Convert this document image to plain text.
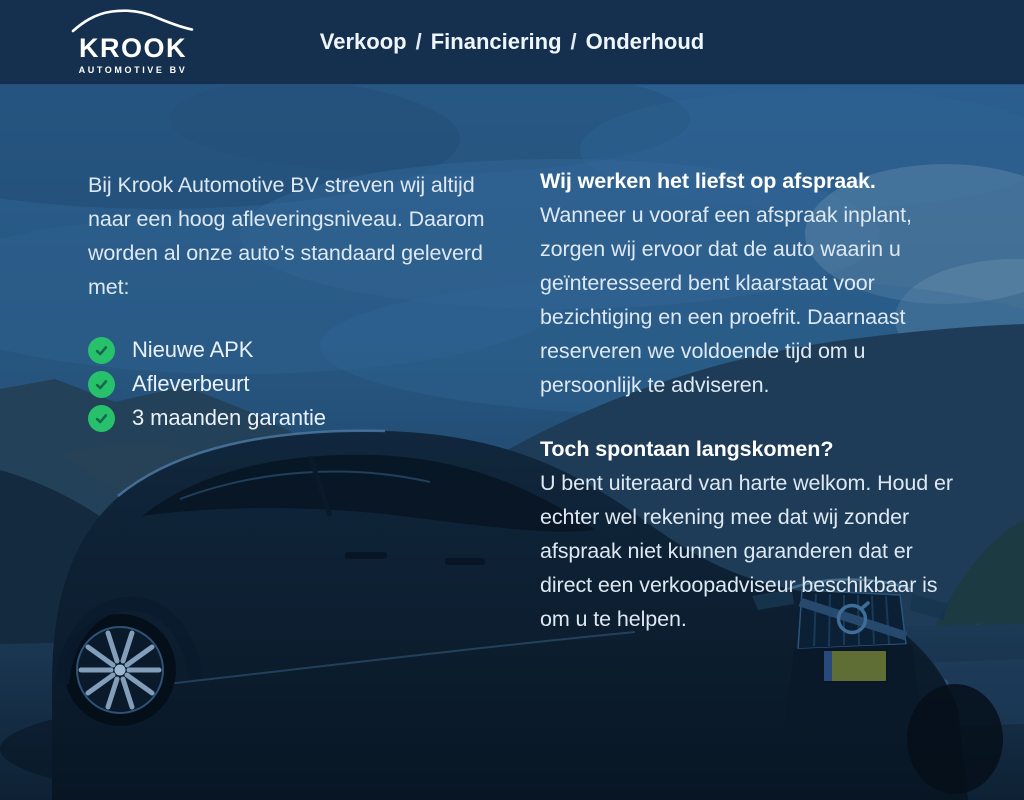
KROOK
AUTOMOTIVE BV
Verkoop / Financiering / Onderhoud

Bij Krook Automotive BV streven wij altijd naar een hoog afleveringsniveau. Daarom worden al onze auto’s standaard geleverd met:

Nieuwe APK
Afleverbeurt
3 maanden garantie
Wij werken het liefst op afspraak.

Wanneer u vooraf een afspraak inplant, zorgen wij ervoor dat de auto waarin u geïnteresseerd bent klaarstaat voor bezichtiging en een proefrit. Daarnaast reserveren we voldoende tijd om u persoonlijk te adviseren.

Toch spontaan langskomen?

U bent uiteraard van harte welkom. Houd er echter wel rekening mee dat wij zonder afspraak niet kunnen garanderen dat er direct een verkoopadviseur beschikbaar is om u te helpen.
